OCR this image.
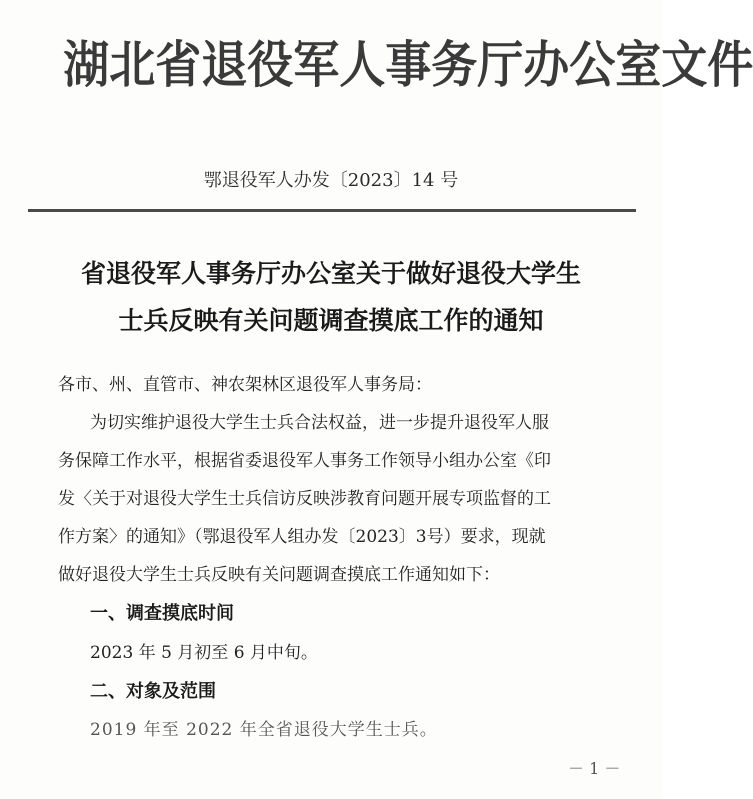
湖北省退役军人事务厅办公室文件
鄂退役军人办发〔2023〕14 号
省退役军人事务厅办公室关于做好退役大学生
士兵反映有关问题调查摸底工作的通知
各市、州、直管市、神农架林区退役军人事务局：
为切实维护退役大学生士兵合法权益，进一步提升退役军人服
务保障工作水平，根据省委退役军人事务工作领导小组办公室《印
发〈关于对退役大学生士兵信访反映涉教育问题开展专项监督的工
作方案〉的通知》（鄂退役军人组办发〔2023〕3号）要求，现就
做好退役大学生士兵反映有关问题调查摸底工作通知如下：
一、调查摸底时间
2023 年 5 月初至 6 月中旬。
二、对象及范围
2019 年至 2022 年全省退役大学生士兵。
－ 1 －
